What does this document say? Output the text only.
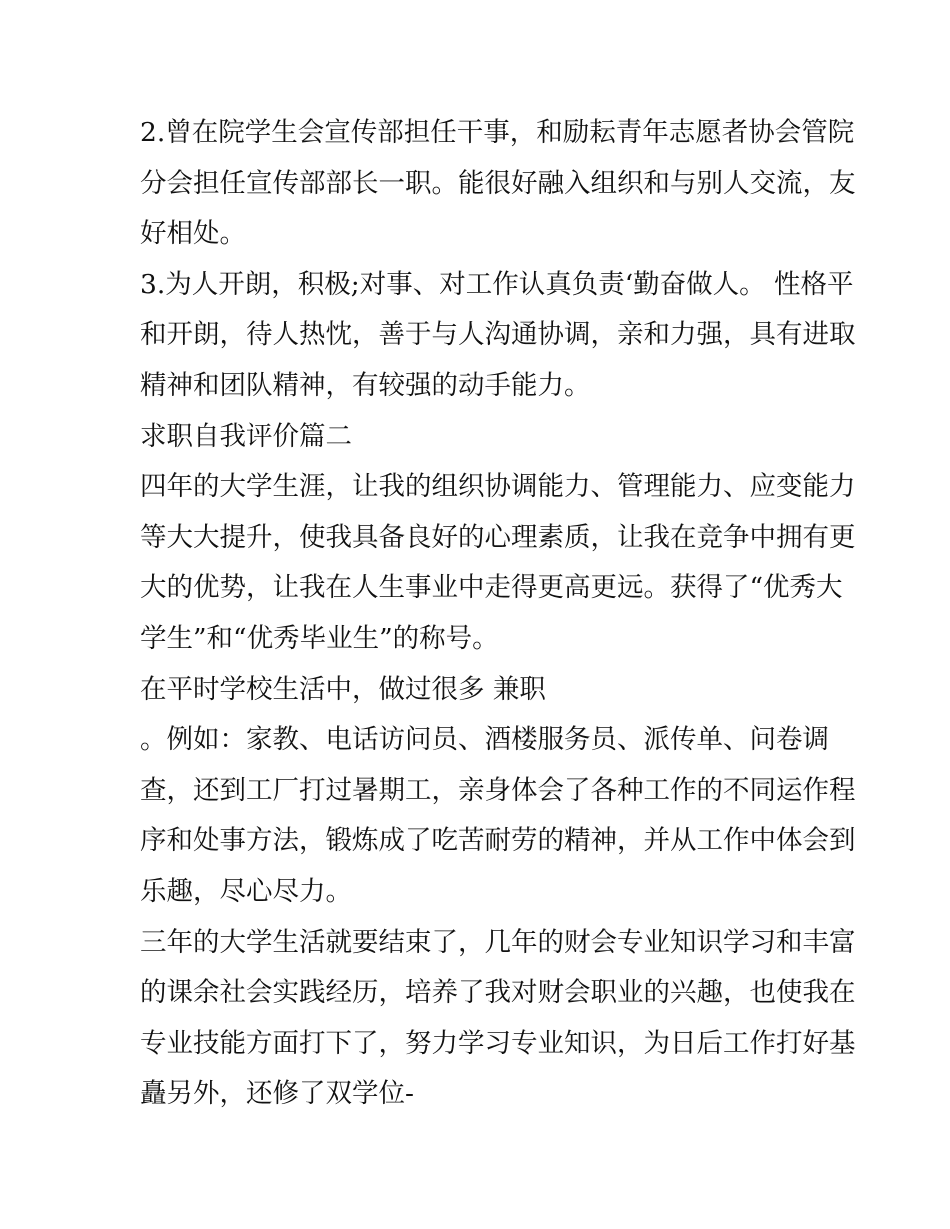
2.曾在院学生会宣传部担任干事，和励耘青年志愿者协会管院
分会担任宣传部部长一职。能很好融入组织和与别人交流，友
好相处。
3.为人开朗，积极;对事、对工作认真负责‘勤奋做人。 性格平
和开朗，待人热忱，善于与人沟通协调，亲和力强，具有进取
精神和团队精神，有较强的动手能力。
求职自我评价篇二
四年的大学生涯，让我的组织协调能力、管理能力、应变能力
等大大提升，使我具备良好的心理素质，让我在竞争中拥有更
大的优势，让我在人生事业中走得更高更远。获得了“优秀大
学生”和“优秀毕业生”的称号。
在平时学校生活中，做过很多 兼职
。例如：家教、电话访问员、酒楼服务员、派传单、问卷调
查，还到工厂打过暑期工，亲身体会了各种工作的不同运作程
序和处事方法，锻炼成了吃苦耐劳的精神，并从工作中体会到
乐趣，尽心尽力。
三年的大学生活就要结束了，几年的财会专业知识学习和丰富
的课余社会实践经历，培养了我对财会职业的兴趣，也使我在
专业技能方面打下了，努力学习专业知识，为日后工作打好基
矗另外，还修了双学位-
